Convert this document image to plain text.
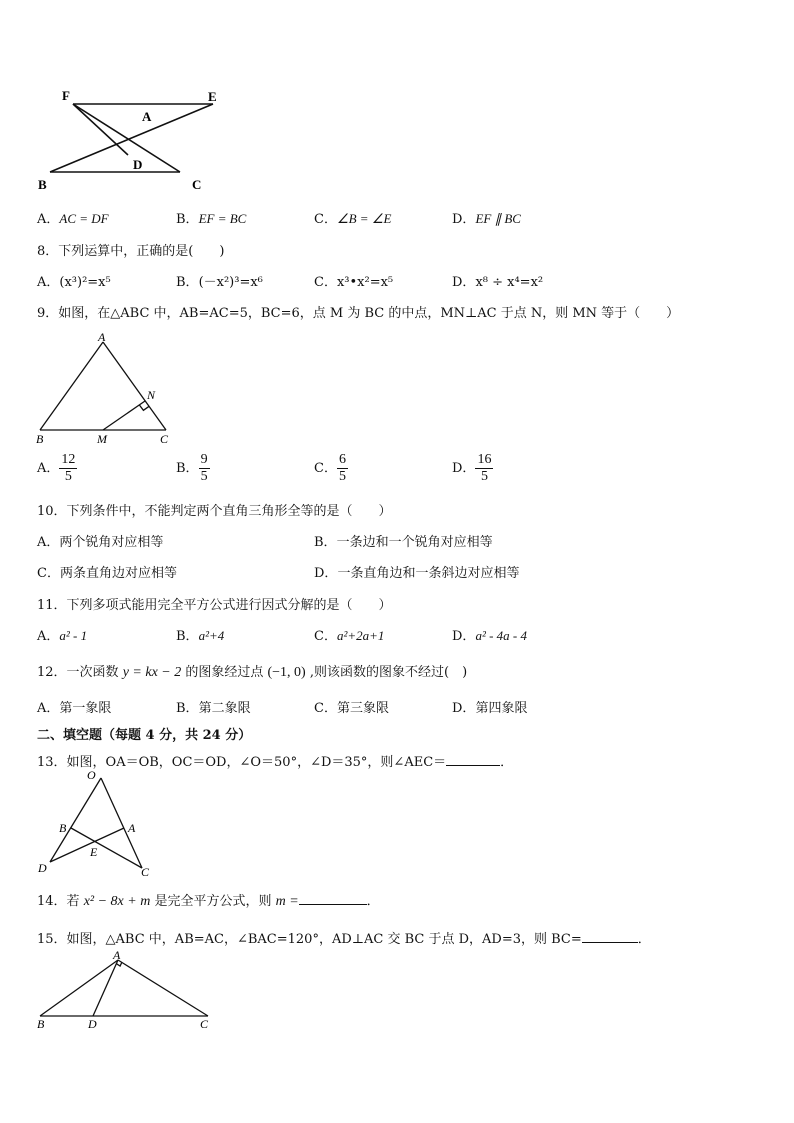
F	E
A
D
B	C
A．AC = DF	B．EF = BC	C．∠B = ∠E	D．EF ∥ BC
8．下列运算中，正确的是(　　)
A．(x³)²=x⁵	B．(－x²)³=x⁶	C．x³•x²=x⁵	D．x⁸ ÷ x⁴=x²
9．如图，在△ABC 中，AB=AC=5，BC=6，点 M 为 BC 的中点，MN⊥AC 于点 N，则 MN 等于（　　）
A
N
B	M	C
A． $\frac{12}{5}$	B． $\frac{9}{5}$	C． $\frac{6}{5}$	D． $\frac{16}{5}$
10．下列条件中，不能判定两个直角三角形全等的是（　　）
A．两个锐角对应相等	B．一条边和一个锐角对应相等
C．两条直角边对应相等	D．一条直角边和一条斜边对应相等
11．下列多项式能用完全平方公式进行因式分解的是（　　）
A．a² - 1	B．a²+4	C．a²+2a+1	D．a² - 4a - 4
12．一次函数 y = kx − 2 的图象经过点 (−1, 0) ,则该函数的图象不经过(　)
A．第一象限	B．第二象限	C．第三象限	D．第四象限
二、填空题（每题 4 分，共 24 分）
13．如图，OA＝OB，OC＝OD，∠O＝50°，∠D＝35°，则∠AEC＝	．
O
B	A
E
D	C
14．若 x² − 8x + m 是完全平方公式，则 m =	．
15．如图，△ABC 中，AB=AC，∠BAC=120°，AD⊥AC 交 BC 于点 D，AD=3，则 BC=	．
A
B	D	C
